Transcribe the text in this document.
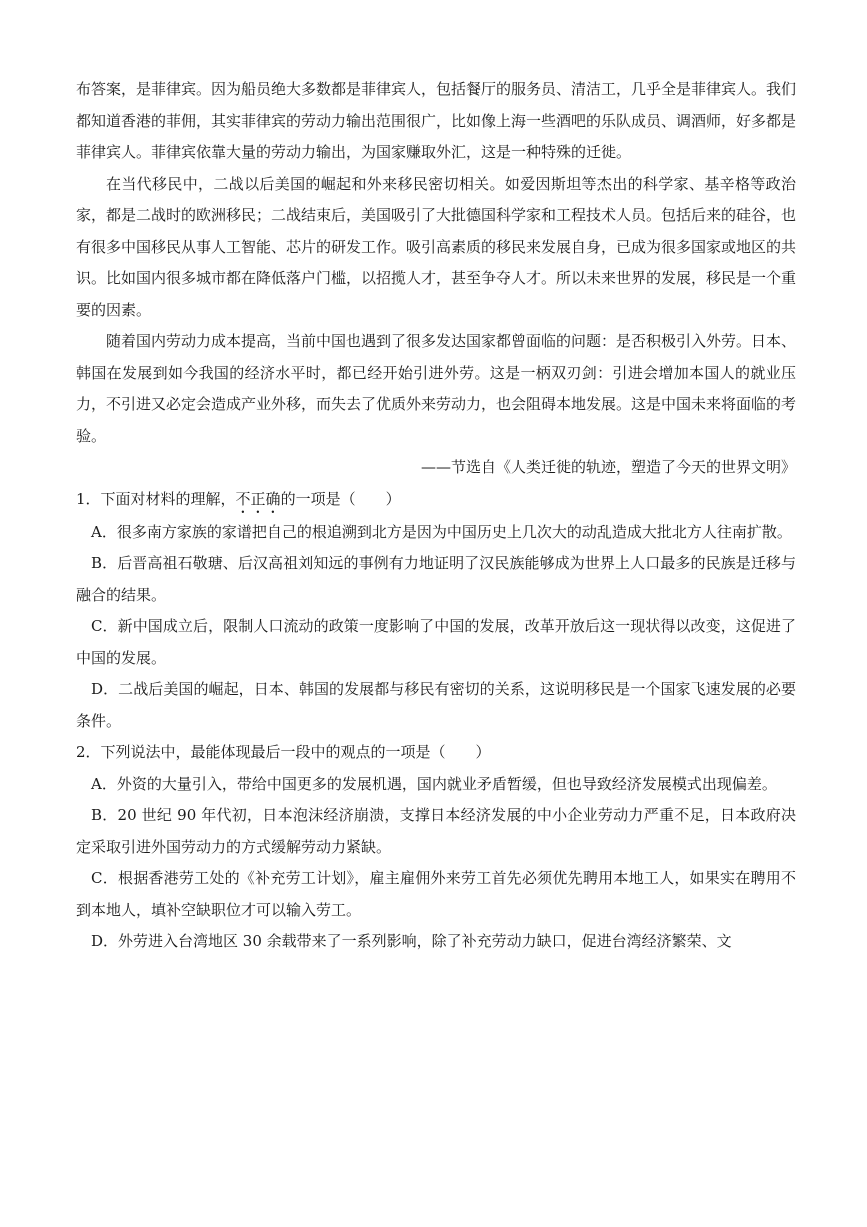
布答案，是菲律宾。因为船员绝大多数都是菲律宾人，包括餐厅的服务员、清洁工，几乎全是菲律宾人。我们都知道香港的菲佣，其实菲律宾的劳动力输出范围很广，比如像上海一些酒吧的乐队成员、调酒师，好多都是菲律宾人。菲律宾依靠大量的劳动力输出，为国家赚取外汇，这是一种特殊的迁徙。

在当代移民中，二战以后美国的崛起和外来移民密切相关。如爱因斯坦等杰出的科学家、基辛格等政治家，都是二战时的欧洲移民；二战结束后，美国吸引了大批德国科学家和工程技术人员。包括后来的硅谷，也有很多中国移民从事人工智能、芯片的研发工作。吸引高素质的移民来发展自身，已成为很多国家或地区的共识。比如国内很多城市都在降低落户门槛，以招揽人才，甚至争夺人才。所以未来世界的发展，移民是一个重要的因素。

随着国内劳动力成本提高，当前中国也遇到了很多发达国家都曾面临的问题：是否积极引入外劳。日本、韩国在发展到如今我国的经济水平时，都已经开始引进外劳。这是一柄双刃剑：引进会增加本国人的就业压力，不引进又必定会造成产业外移，而失去了优质外来劳动力，也会阻碍本地发展。这是中国未来将面临的考验。

——节选自《人类迁徙的轨迹，塑造了今天的世界文明》

1．下面对材料的理解，不正确的一项是（　　）

A．很多南方家族的家谱把自己的根追溯到北方是因为中国历史上几次大的动乱造成大批北方人往南扩散。

B．后晋高祖石敬瑭、后汉高祖刘知远的事例有力地证明了汉民族能够成为世界上人口最多的民族是迁移与融合的结果。

C．新中国成立后，限制人口流动的政策一度影响了中国的发展，改革开放后这一现状得以改变，这促进了中国的发展。

D．二战后美国的崛起，日本、韩国的发展都与移民有密切的关系，这说明移民是一个国家飞速发展的必要条件。

2．下列说法中，最能体现最后一段中的观点的一项是（　　）

A．外资的大量引入，带给中国更多的发展机遇，国内就业矛盾暂缓，但也导致经济发展模式出现偏差。

B．20 世纪 90 年代初，日本泡沫经济崩溃，支撑日本经济发展的中小企业劳动力严重不足，日本政府决定采取引进外国劳动力的方式缓解劳动力紧缺。

C．根据香港劳工处的《补充劳工计划》，雇主雇佣外来劳工首先必须优先聘用本地工人，如果实在聘用不到本地人，填补空缺职位才可以输入劳工。

D．外劳进入台湾地区 30 余载带来了一系列影响，除了补充劳动力缺口，促进台湾经济繁荣、文
